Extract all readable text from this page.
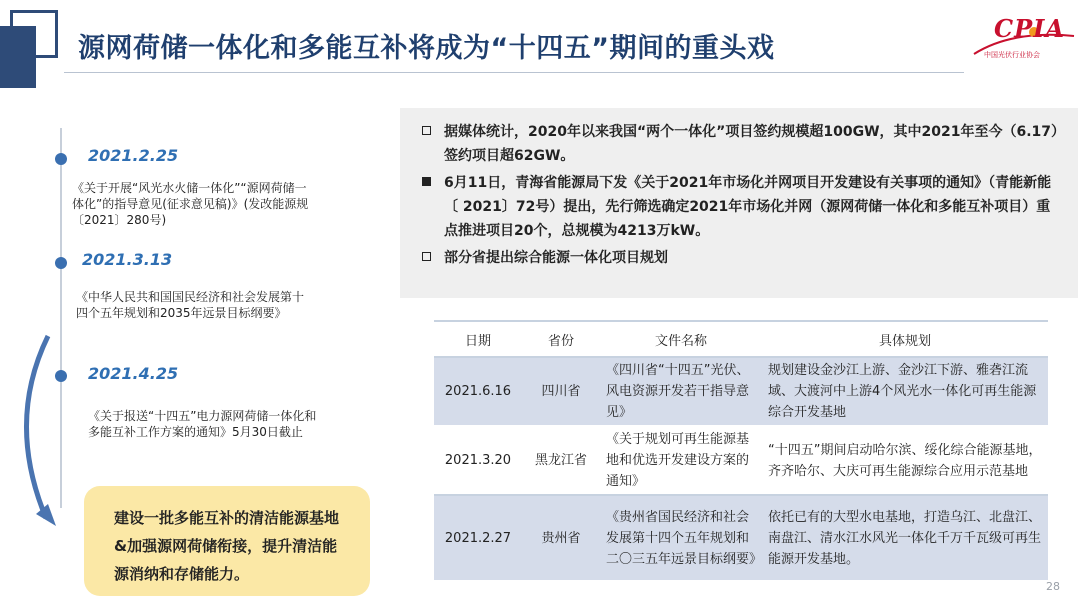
源网荷储一体化和多能互补将成为“十四五”期间的重头戏
CPIA
中国光伏行业协会
2021.2.25
《关于开展“风光水火储一体化”“源网荷储一体化”的指导意见(征求意见稿)》(发改能源规〔2021〕280号)
2021.3.13
《中华人民共和国国民经济和社会发展第十四个五年规划和2035年远景目标纲要》
2021.4.25
《关于报送“十四五”电力源网荷储一体化和多能互补工作方案的通知》5月30日截止
建设一批多能互补的清洁能源基地&加强源网荷储衔接，提升清洁能源消纳和存储能力。
据媒体统计，2020年以来我国“两个一体化”项目签约规模超100GW，其中2021年至今（6.17）签约项目超62GW。
6月11日，青海省能源局下发《关于2021年市场化并网项目开发建设有关事项的通知》（青能新能〔 2021〕72号）提出，先行筛选确定2021年市场化并网（源网荷储一体化和多能互补项目）重点推进项目20个，总规模为4213万kW。
部分省提出综合能源一体化项目规划
日期	省份	文件名称	具体规划
2021.6.16	四川省	《四川省“十四五”光伏、风电资源开发若干指导意见》	规划建设金沙江上游、金沙江下游、雅砻江流域、大渡河中上游4个风光水一体化可再生能源综合开发基地
2021.3.20	黑龙江省	《关于规划可再生能源基地和优选开发建设方案的通知》	“十四五”期间启动哈尔滨、绥化综合能源基地，齐齐哈尔、大庆可再生能源综合应用示范基地
2021.2.27	贵州省	《贵州省国民经济和社会发展第十四个五年规划和二〇三五年远景目标纲要》	依托已有的大型水电基地，打造乌江、北盘江、南盘江、清水江水风光一体化千万千瓦级可再生能源开发基地。
28
